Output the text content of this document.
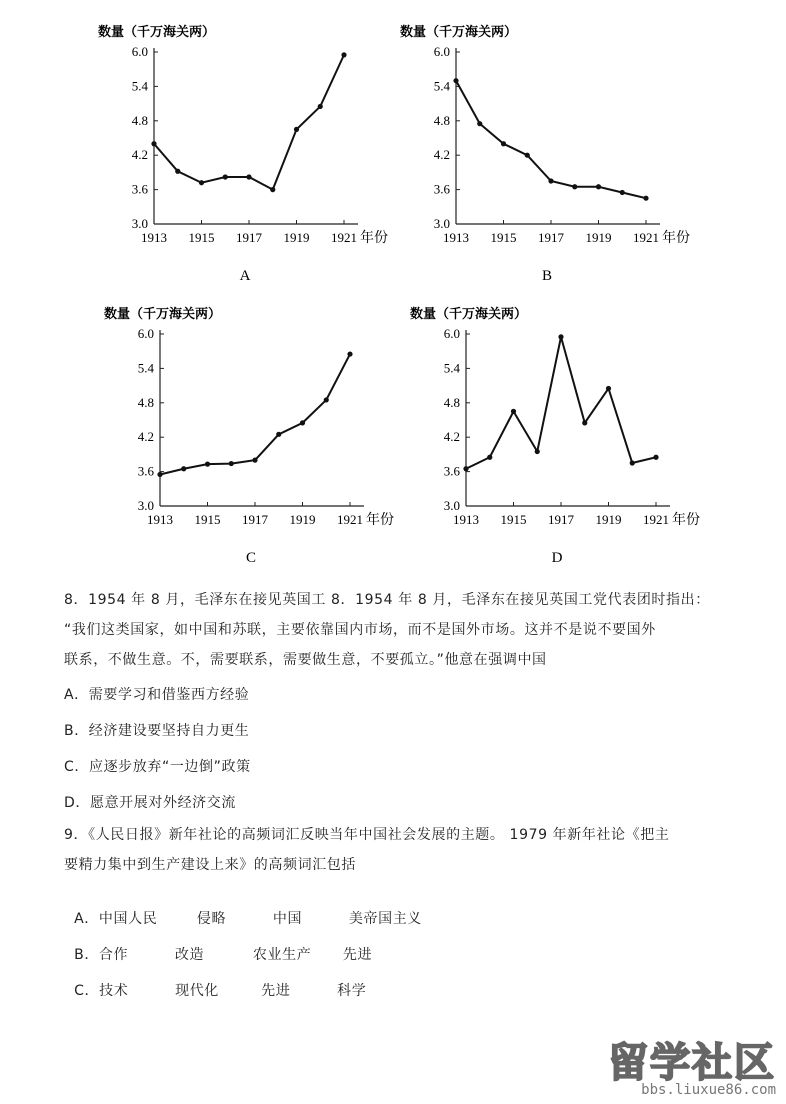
数量（千万海关两）
3.0
3.6
4.2
4.8
5.4
6.0
1913 1915 1917 1919 1921 年份
A
数量（千万海关两）
3.0
3.6
4.2
4.8
5.4
6.0
1913 1915 1917 1919 1921 年份
B
数量（千万海关两）
3.0
3.6
4.2
4.8
5.4
6.0
1913 1915 1917 1919 1921 年份
C
数量（千万海关两）
3.0
3.6
4.2
4.8
5.4
6.0
1913 1915 1917 1919 1921 年份
D
8．1954 年 8 月，毛泽东在接见英国工 8．1954 年 8 月，毛泽东在接见英国工党代表团时指出：
“我们这类国家，如中国和苏联，主要依靠国内市场，而不是国外市场。这并不是说不要国外
联系，不做生意。不，需要联系，需要做生意，不要孤立。”他意在强调中国
A．需要学习和借鉴西方经验
B．经济建设要坚持自力更生
C．应逐步放弃“一边倒”政策
D．愿意开展对外经济交流
9．《人民日报》新年社论的高频词汇反映当年中国社会发展的主题。 1979 年新年社论《把主
要精力集中到生产建设上来》的高频词汇包括

A．中国人民	侵略	中国	美帝国主义

B．合作	改造	农业生产 先进

C．技术	现代化	先进	科学

留学社区
bbs.liuxue86.com
